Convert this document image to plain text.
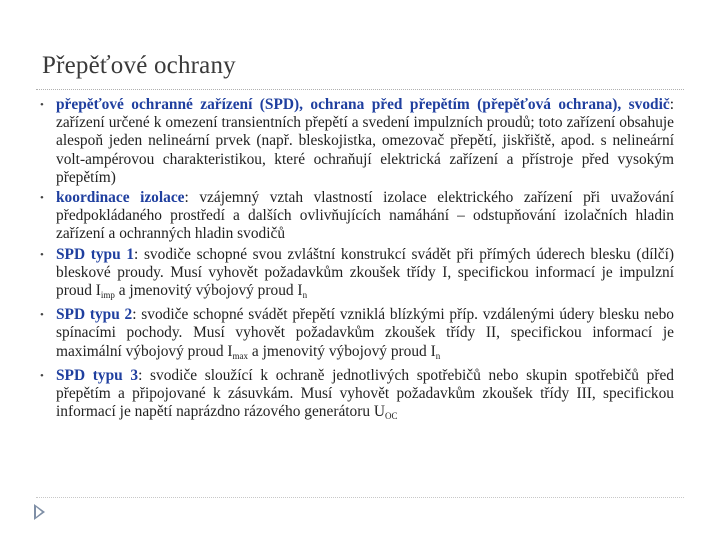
Přepěťové ochrany
• přepěťové ochranné zařízení (SPD), ochrana před přepětím (přepěťová ochrana), svodič: zařízení určené k omezení transientních přepětí a svedení impulzních proudů; toto zařízení obsahuje alespoň jeden nelineární prvek (např. bleskojistka, omezovač přepětí, jiskřiště, apod. s nelineární volt-ampérovou charakteristikou, které ochraňují elektrická zařízení a přístroje před vysokým přepětím)
• koordinace izolace: vzájemný vztah vlastností izolace elektrického zařízení při uvažování předpokládaného prostředí a dalších ovlivňujících namáhání – odstupňování izolačních hladin zařízení a ochranných hladin svodičů
• SPD typu 1: svodiče schopné svou zvláštní konstrukcí svádět při přímých úderech blesku (dílčí) bleskové proudy. Musí vyhovět požadavkům zkoušek třídy I, specifickou informací je impulzní proud $I_{imp}$ a jmenovitý výbojový proud $I_n$
• SPD typu 2: svodiče schopné svádět přepětí vzniklá blízkými příp. vzdálenými údery blesku nebo spínacími pochody. Musí vyhovět požadavkům zkoušek třídy II, specifickou informací je maximální výbojový proud $I_{max}$ a jmenovitý výbojový proud $I_n$
• SPD typu 3: svodiče sloužící k ochraně jednotlivých spotřebičů nebo skupin spotřebičů před přepětím a připojované k zásuvkám. Musí vyhovět požadavkům zkoušek třídy III, specifickou informací je napětí naprázdno rázového generátoru $U_{OC}$
